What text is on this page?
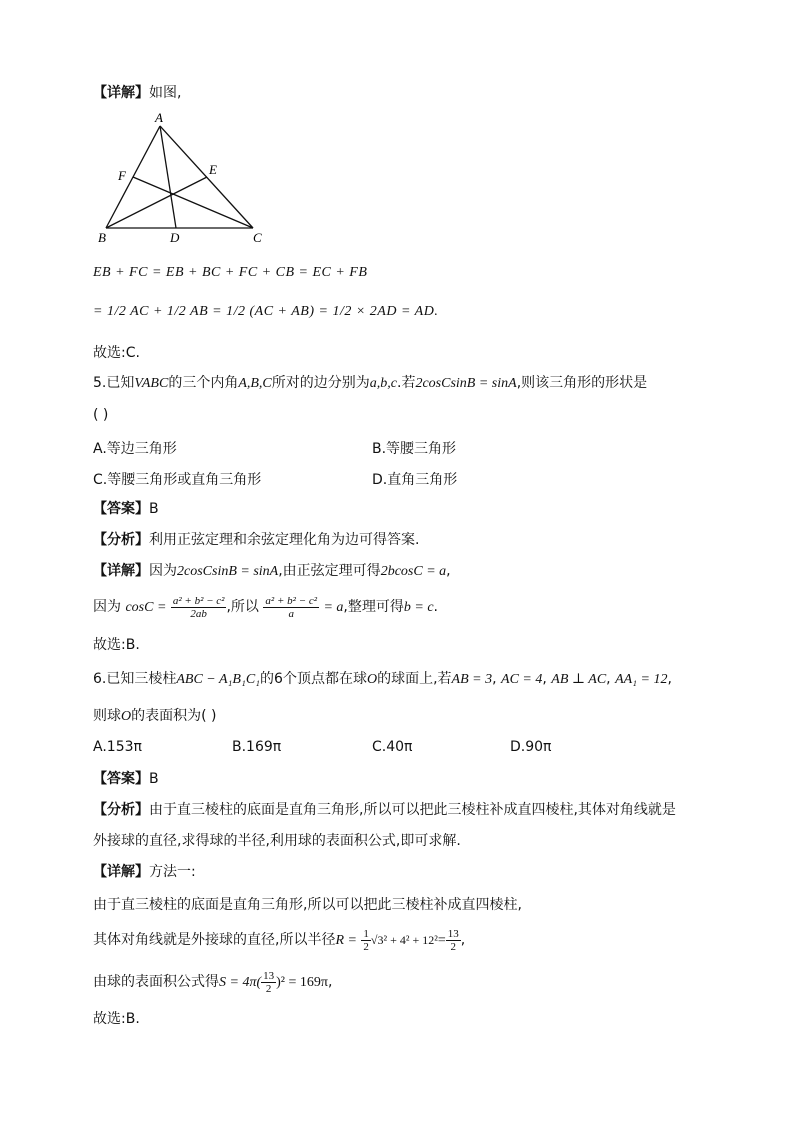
【详解】如图,
A
B	C
D
E
F
EB + FC = EB + BC + FC + CB = EC + FB
= 1/2 AC + 1/2 AB = 1/2 (AC + AB) = 1/2 × 2AD = AD.
故选:C.
5.已知VABC的三个内角A,B,C所对的边分别为a,b,c.若2cosCsinB = sinA,则该三角形的形状是
( )
A.等边三角形	B.等腰三角形
C.等腰三角形或直角三角形	D.直角三角形
【答案】B
【分析】利用正弦定理和余弦定理化角为边可得答案.
【详解】因为2cosCsinB = sinA,由正弦定理可得2bcosC = a,
因为 $\cos C = \frac{\text{a² + b² − c²}}{2ab}$ ,所以 $\frac{\text{a² + b² − c²}}{a} = a$,整理可得b = c.
故选:B.
6.已知三棱柱ABC − A₁B₁C₁的6个顶点都在球O的球面上,若AB = 3, AC = 4, AB ⊥ AC, AA₁ = 12,
则球O的表面积为( )
A.153π	B.169π	C.40π	D.90π
【答案】B
【分析】由于直三棱柱的底面是直角三角形,所以可以把此三棱柱补成直四棱柱,其体对角线就是
外接球的直径,求得球的半径,利用球的表面积公式,即可求解.
【详解】方法一:
由于直三棱柱的底面是直角三角形,所以可以把此三棱柱补成直四棱柱,
其体对角线就是外接球的直径,所以半径$R = \frac{1}{2} √3^2 + 4^2 + 12^2= \frac{13}{2}$ ,
由球的表面积公式得$S = 4\pi( \frac{13}{2} )^2 = 169\pi$,
故选:B.
